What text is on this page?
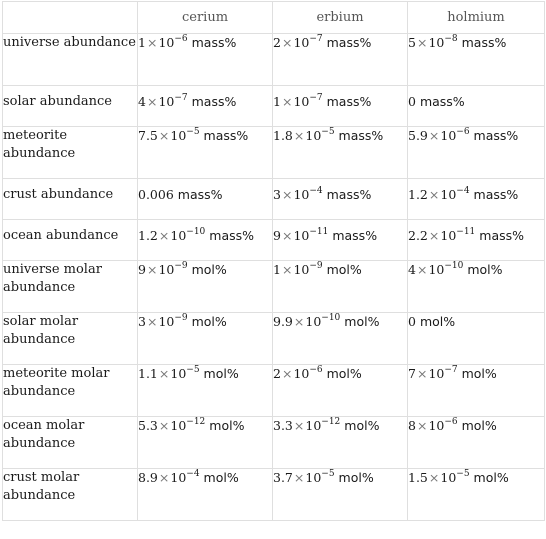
	cerium	erbium	holmium
universe abundance	$1\times 10^{-6}$ mass%	$2\times 10^{-7}$ mass%	$5\times 10^{-8}$ mass%
solar abundance	$4\times 10^{-7}$ mass%	$1\times 10^{-7}$ mass%	0 mass%
meteorite abundance	$7.5\times 10^{-5}$ mass%	$1.8\times 10^{-5}$ mass%	$5.9\times 10^{-6}$ mass%
crust abundance	0.006 mass%	$3\times 10^{-4}$ mass%	$1.2\times 10^{-4}$ mass%
ocean abundance	$1.2\times 10^{-10}$ mass%	$9\times 10^{-11}$ mass%	$2.2\times 10^{-11}$ mass%
universe molar abundance	$9\times 10^{-9}$ mol%	$1\times 10^{-9}$ mol%	$4\times 10^{-10}$ mol%
solar molar abundance	$3\times 10^{-9}$ mol%	$9.9\times 10^{-10}$ mol%	0 mol%
meteorite molar abundance	$1.1\times 10^{-5}$ mol%	$2\times 10^{-6}$ mol%	$7\times 10^{-7}$ mol%
ocean molar abundance	$5.3\times 10^{-12}$ mol%	$3.3\times 10^{-12}$ mol%	$8\times 10^{-6}$ mol%
crust molar abundance	$8.9\times 10^{-4}$ mol%	$3.7\times 10^{-5}$ mol%	$1.5\times 10^{-5}$ mol%
